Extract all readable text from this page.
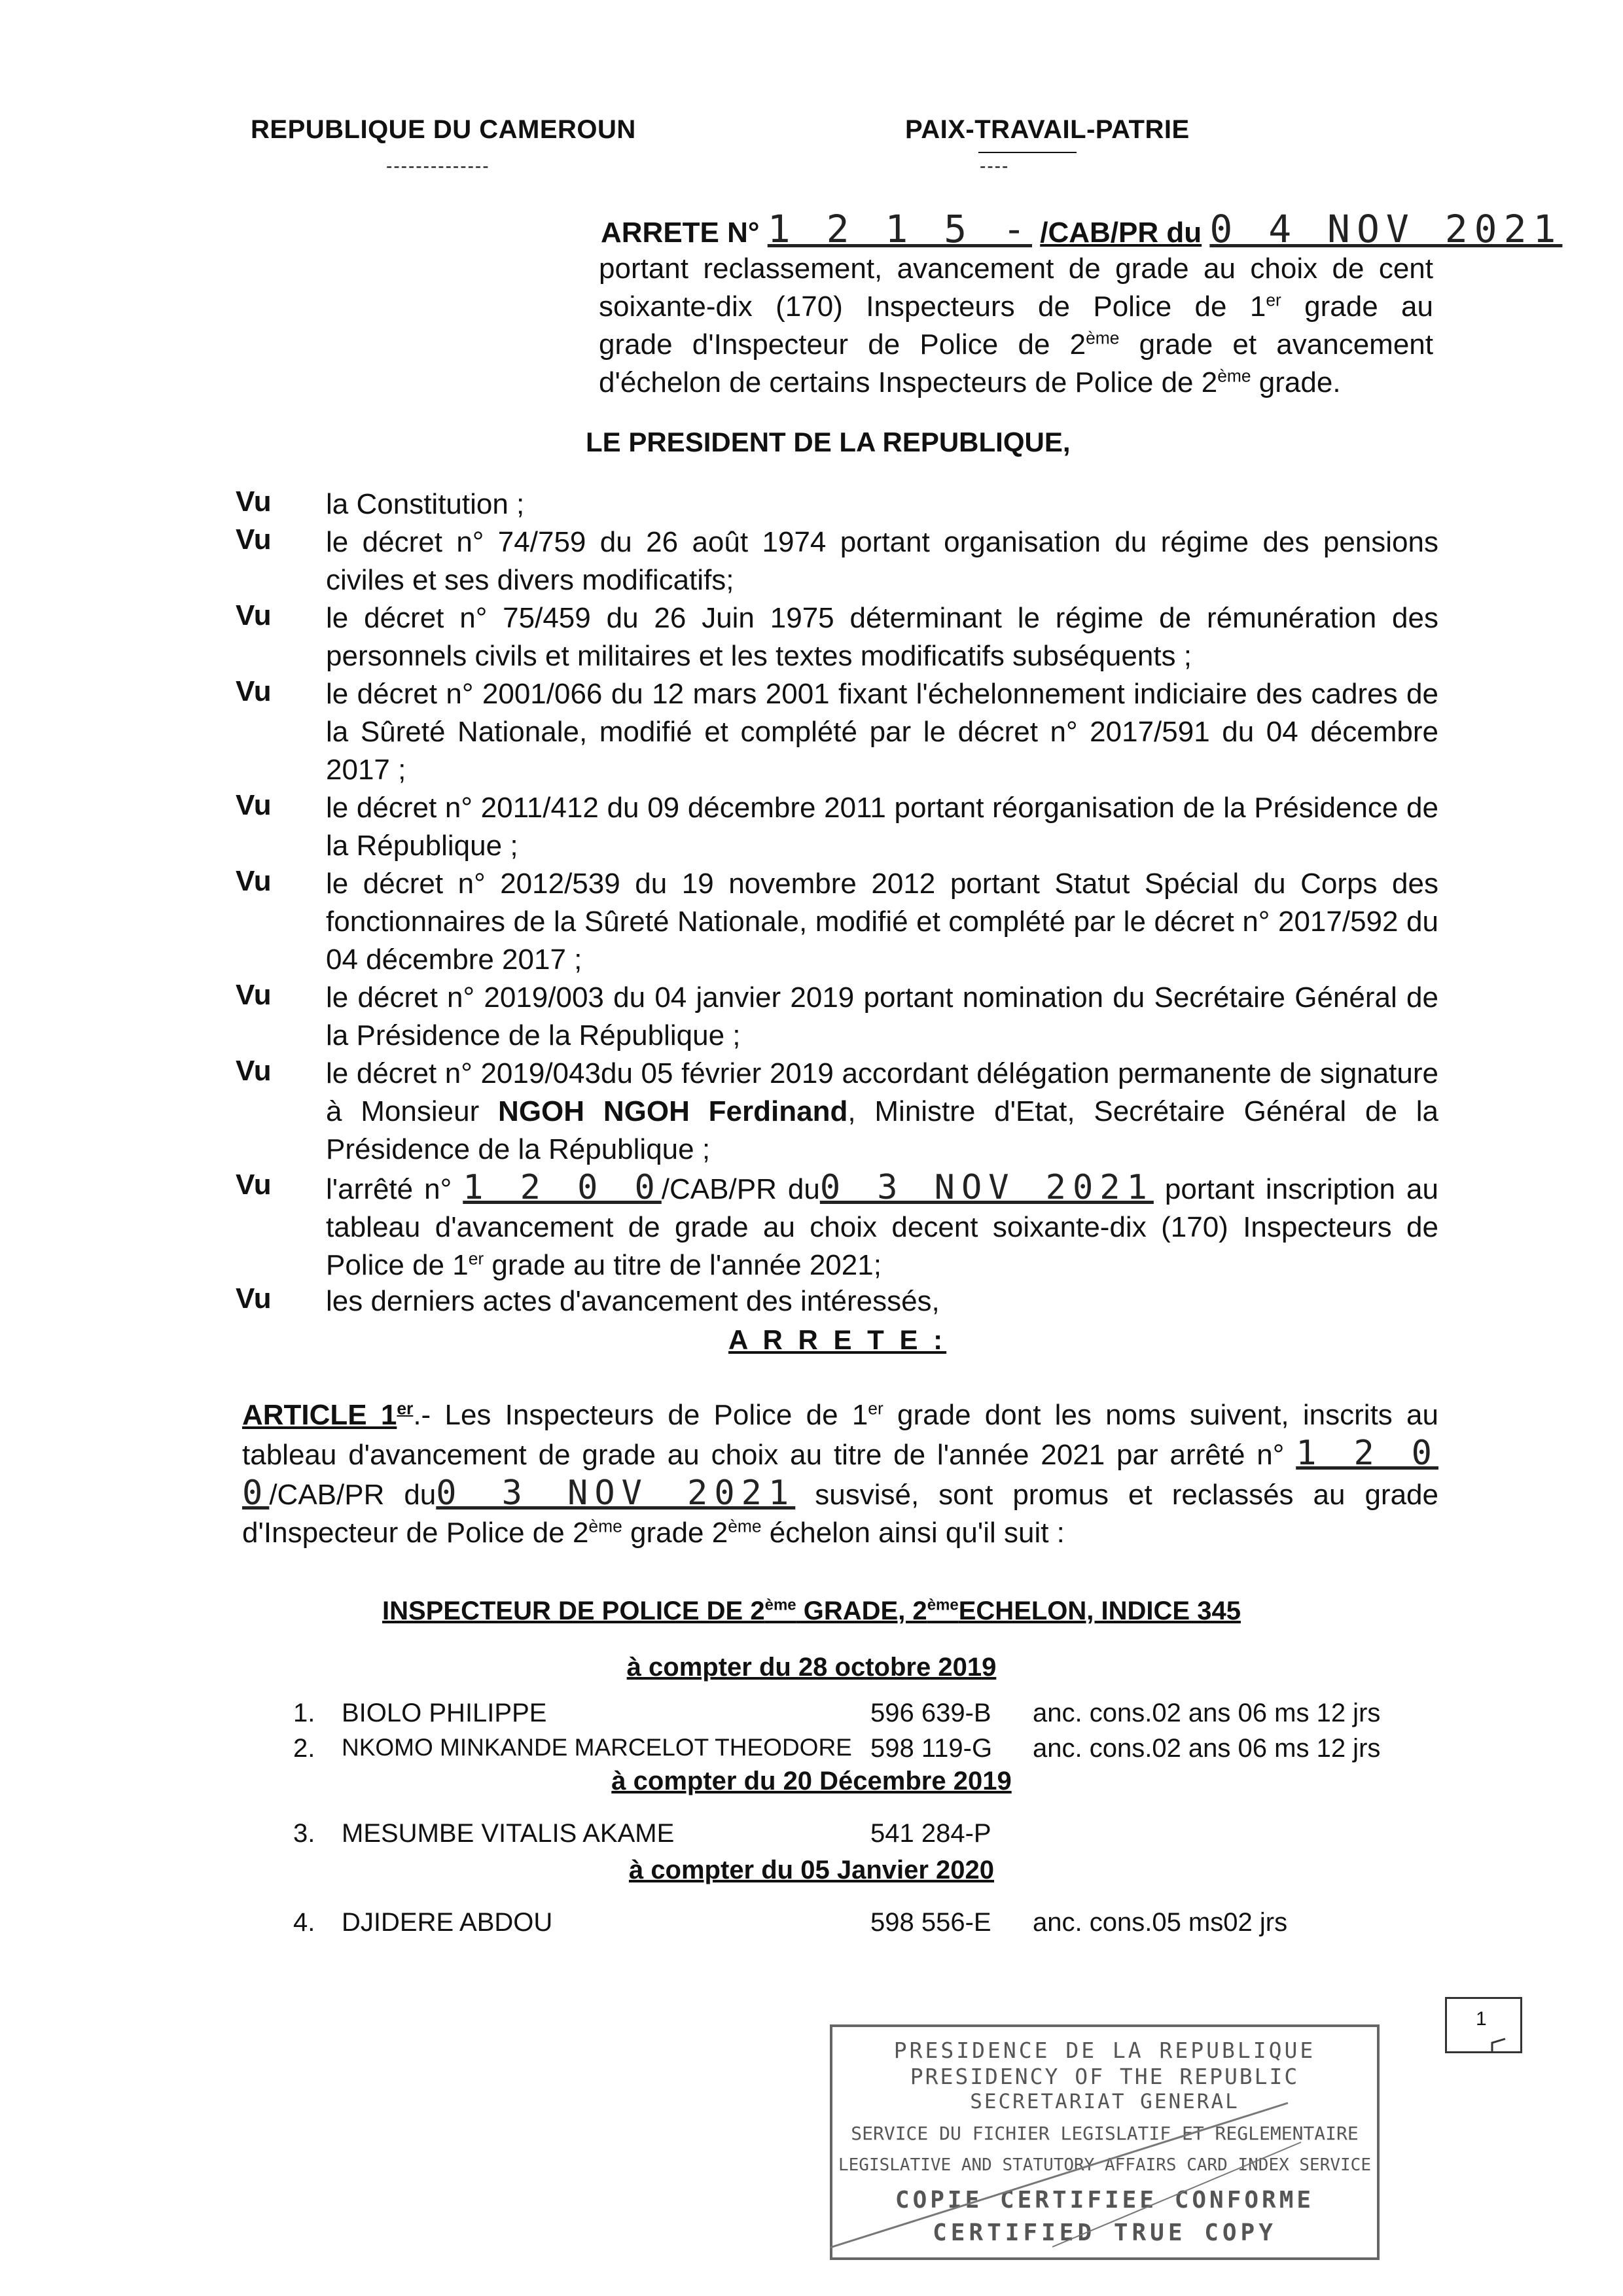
REPUBLIQUE DU CAMEROUN
--------------
PAIX-TRAVAIL-PATRIE
----
ARRETE N° 1 2 1 5 - /CAB/PR du 0 4 NOV 2021
portant reclassement, avancement de grade au choix de cent
soixante-dix (170) Inspecteurs de Police de 1er grade au
grade d'Inspecteur de Police de 2ème grade et avancement
d'échelon de certains Inspecteurs de Police de 2ème grade.
LE PRESIDENT DE LA REPUBLIQUE,
Vu la Constitution ;
Vu le décret n° 74/759 du 26 août 1974 portant organisation du régime des pensions civiles et ses divers modificatifs;
Vu le décret n° 75/459 du 26 Juin 1975 déterminant le régime de rémunération des personnels civils et militaires et les textes modificatifs subséquents ;
Vu le décret n° 2001/066 du 12 mars 2001 fixant l'échelonnement indiciaire des cadres de la Sûreté Nationale, modifié et complété par le décret n° 2017/591 du 04 décembre 2017 ;
Vu le décret n° 2011/412 du 09 décembre 2011 portant réorganisation de la Présidence de la République ;
Vu le décret n° 2012/539 du 19 novembre 2012 portant Statut Spécial du Corps des fonctionnaires de la Sûreté Nationale, modifié et complété par le décret n° 2017/592 du 04 décembre 2017 ;
Vu le décret n° 2019/003 du 04 janvier 2019 portant nomination du Secrétaire Général de la Présidence de la République ;
Vu le décret n° 2019/043du 05 février 2019 accordant délégation permanente de signature à Monsieur NGOH NGOH Ferdinand, Ministre d'Etat, Secrétaire Général de la Présidence de la République ;
Vu l'arrêté n° 1 2 0 0/CAB/PR du0 3 NOV 2021 portant inscription au tableau d'avancement de grade au choix decent soixante-dix (170) Inspecteurs de Police de 1er grade au titre de l'année 2021;
Vu les derniers actes d'avancement des intéressés,
A R R E T E :
ARTICLE 1er.- Les Inspecteurs de Police de 1er grade dont les noms suivent, inscrits au tableau d'avancement de grade au choix au titre de l'année 2021 par arrêté n° 1 2 0 0/CAB/PR du0 3 NOV 2021 susvisé, sont promus et reclassés au grade d'Inspecteur de Police de 2ème grade 2ème échelon ainsi qu'il suit :
INSPECTEUR DE POLICE DE 2ème GRADE, 2èmeECHELON, INDICE 345
à compter du 28 octobre 2019
1. BIOLO PHILIPPE	596 639-B anc. cons.02 ans 06 ms 12 jrs
2. NKOMO MINKANDE MARCELOT THEODORE 598 119-G anc. cons.02 ans 06 ms 12 jrs
à compter du 20 Décembre 2019
3. MESUMBE VITALIS AKAME	541 284-P
à compter du 05 Janvier 2020
4. DJIDERE ABDOU	598 556-E anc. cons.05 ms02 jrs
1
PRESIDENCE DE LA REPUBLIQUE
PRESIDENCY OF THE REPUBLIC
SECRETARIAT GENERAL
SERVICE DU FICHIER LEGISLATIF ET REGLEMENTAIRE
LEGISLATIVE AND STATUTORY AFFAIRS CARD INDEX SERVICE
COPIE CERTIFIEE CONFORME
CERTIFIED TRUE COPY
